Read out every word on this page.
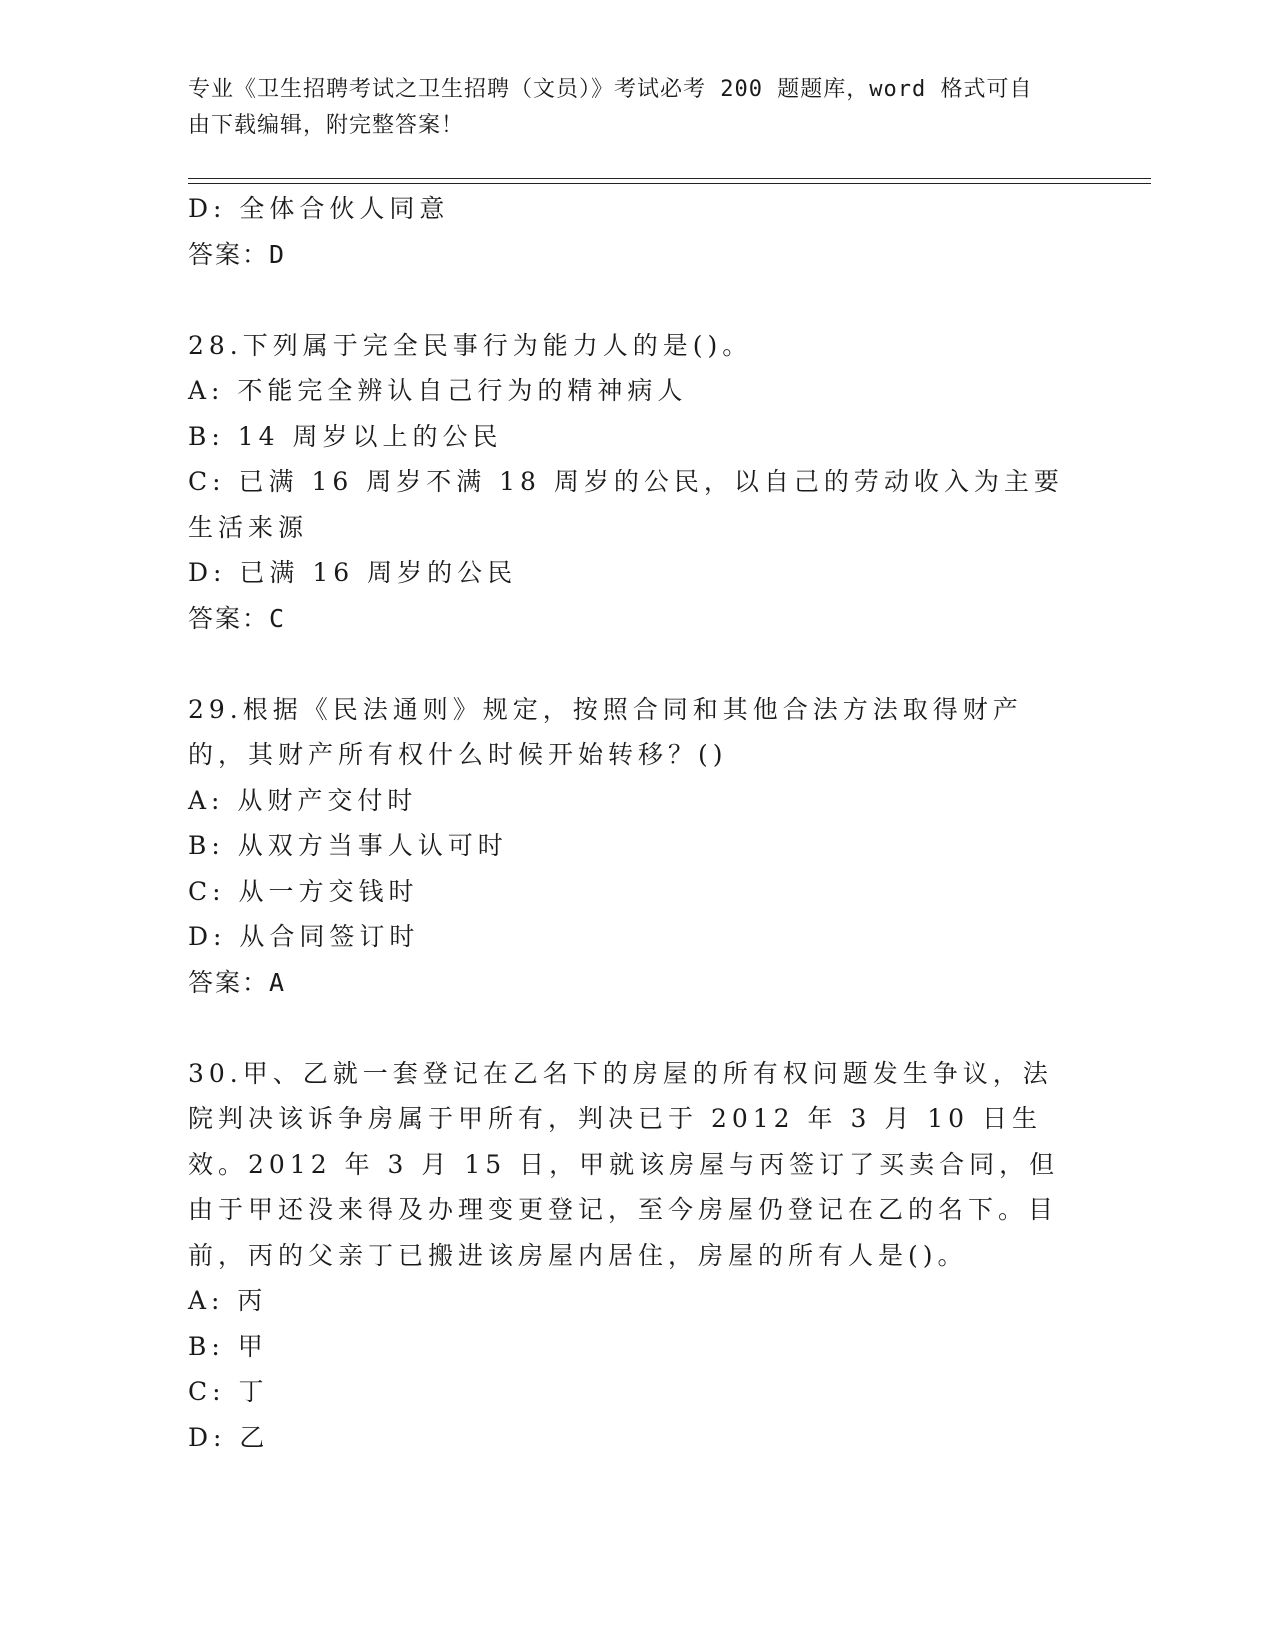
专业《卫生招聘考试之卫生招聘（文员）》考试必考 200 题题库，word 格式可自
由下载编辑，附完整答案！
D: 全体合伙人同意
答案：D
28.下列属于完全民事行为能力人的是()。
A: 不能完全辨认自己行为的精神病人
B: 14 周岁以上的公民
C: 已满 16 周岁不满 18 周岁的公民，以自己的劳动收入为主要生活来源
D: 已满 16 周岁的公民
答案：C
29.根据《民法通则》规定，按照合同和其他合法方法取得财产的，其财产所有权什么时候开始转移？()
A: 从财产交付时
B: 从双方当事人认可时
C: 从一方交钱时
D: 从合同签订时
答案：A
30.甲、乙就一套登记在乙名下的房屋的所有权问题发生争议，法院判决该诉争房属于甲所有，判决已于 2012 年 3 月 10 日生效。2012 年 3 月 15 日，甲就该房屋与丙签订了买卖合同，但由于甲还没来得及办理变更登记，至今房屋仍登记在乙的名下。目前，丙的父亲丁已搬进该房屋内居住，房屋的所有人是()。
A: 丙
B: 甲
C: 丁
D: 乙
